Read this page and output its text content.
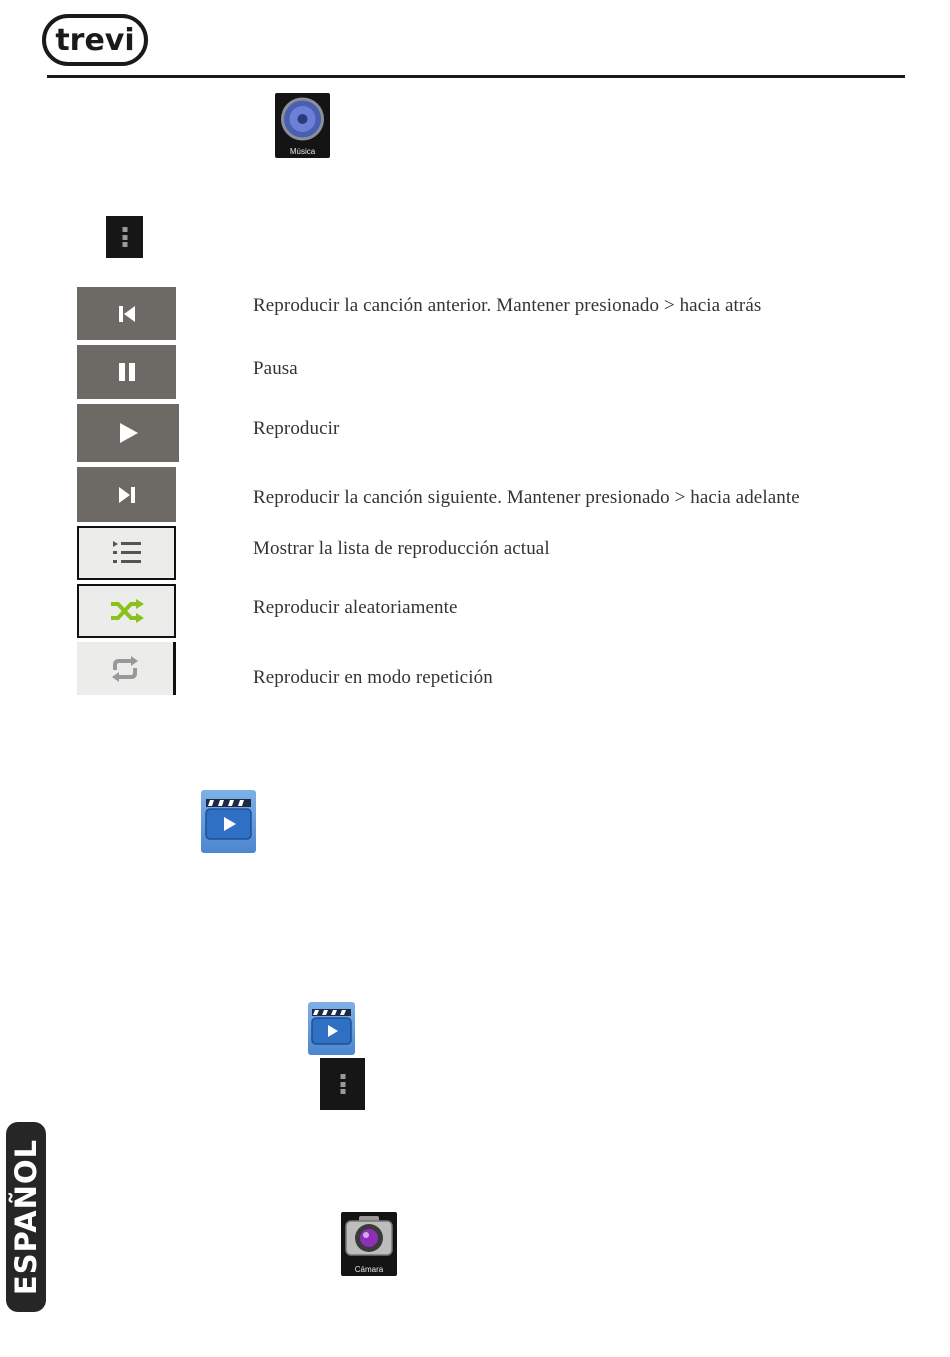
trevi
Música
Reproducir la canción anterior. Mantener presionado > hacia atrás
Pausa
Reproducir
Reproducir la canción siguiente. Mantener presionado > hacia adelante
Mostrar la lista de reproducción actual
Reproducir aleatoriamente
Reproducir en modo repetición
Cámara
ESPAÑOL
